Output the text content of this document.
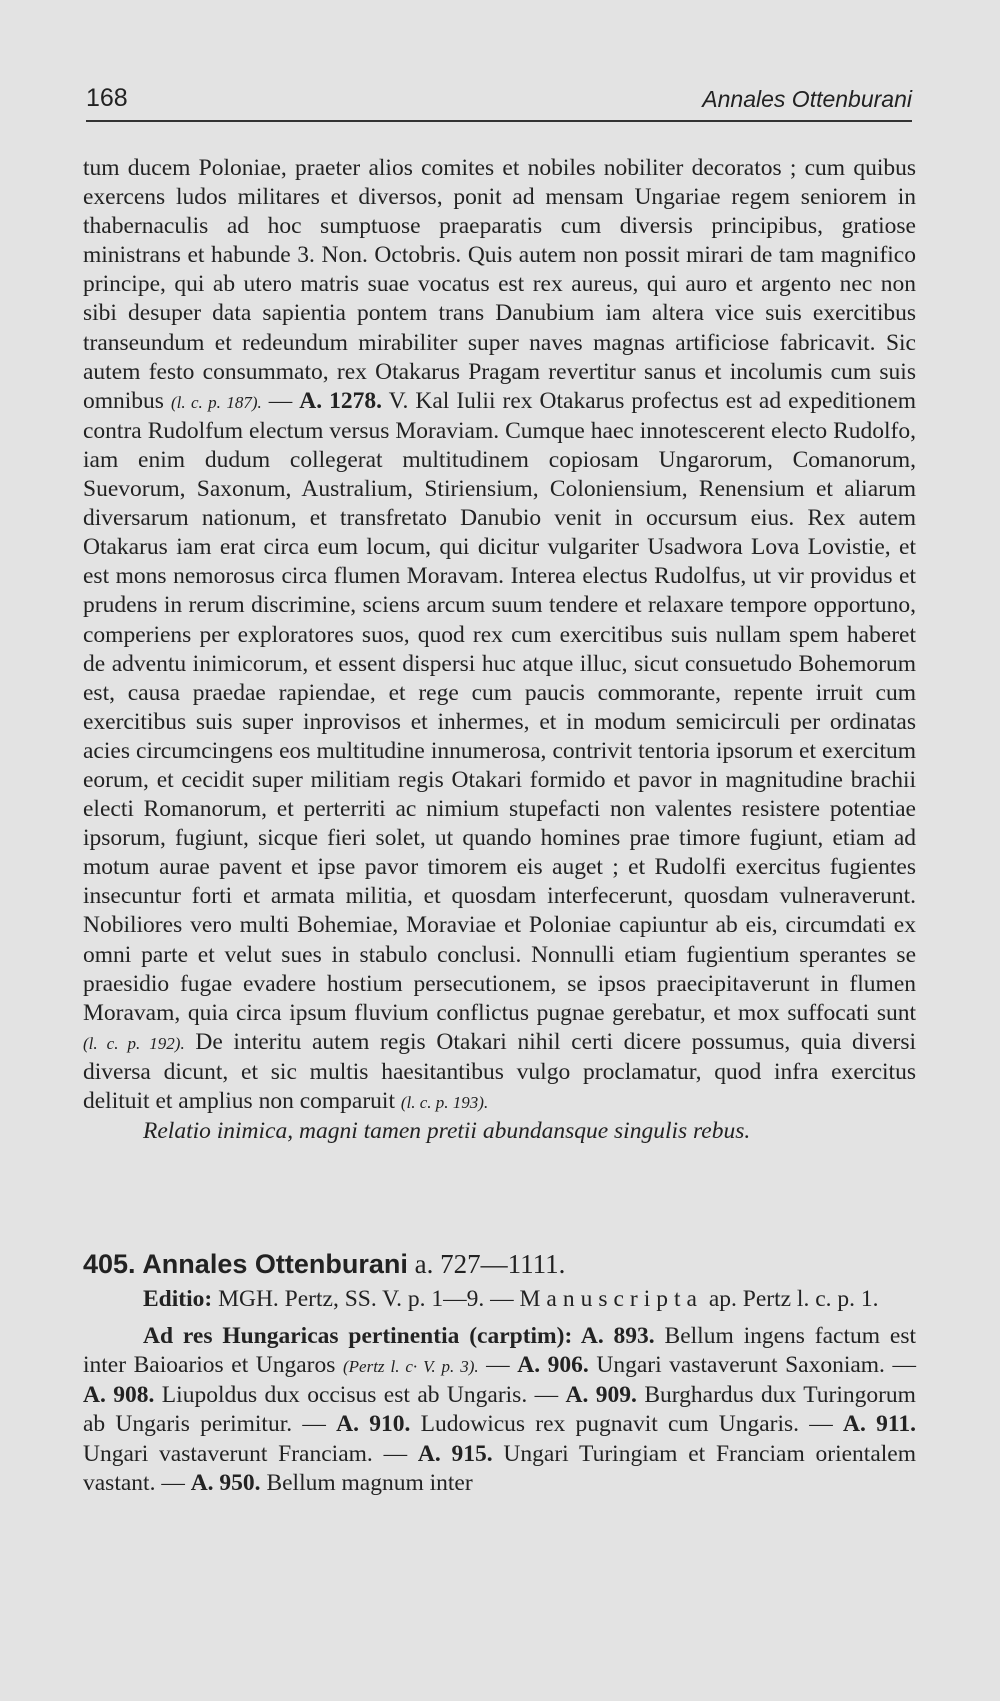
168	Annales Ottenburani

tum ducem Poloniae, praeter alios comites et nobiles nobiliter decoratos ; cum quibus exercens ludos militares et diversos, ponit ad mensam Ungariae regem seniorem in thabernaculis ad hoc sumptuose praeparatis cum diversis principibus, gratiose ministrans et habunde 3. Non. Octobris. Quis autem non possit mirari de tam magnifico principe, qui ab utero matris suae vocatus est rex aureus, qui auro et argento nec non sibi desuper data sapientia pontem trans Danubium iam altera vice suis exercitibus transeundum et redeundum mirabiliter super naves magnas artificiose fabricavit. Sic autem festo consummato, rex Otakarus Pragam revertitur sanus et incolumis cum suis omnibus (l. c. p. 187). — A. 1278. V. Kal Iulii rex Otakarus profectus est ad expeditionem contra Rudolfum electum versus Moraviam. Cumque haec innotescerent electo Rudolfo, iam enim dudum collegerat multitudinem copiosam Ungarorum, Comanorum, Suevorum, Saxonum, Australium, Stiriensium, Coloniensium, Renensium et aliarum diversarum nationum, et transfretato Danubio venit in occursum eius. Rex autem Otakarus iam erat circa eum locum, qui dicitur vulgariter Usadwora Lova Lovistie, et est mons nemorosus circa flumen Moravam. Interea electus Rudolfus, ut vir providus et prudens in rerum discrimine, sciens arcum suum tendere et relaxare tempore opportuno, comperiens per exploratores suos, quod rex cum exercitibus suis nullam spem haberet de adventu inimicorum, et essent dispersi huc atque illuc, sicut consuetudo Bohemorum est, causa praedae rapiendae, et rege cum paucis commorante, repente irruit cum exercitibus suis super inprovisos et inhermes, et in modum semicirculi per ordinatas acies circumcingens eos multitudine innumerosa, contrivit tentoria ipsorum et exercitum eorum, et cecidit super militiam regis Otakari formido et pavor in magnitudine brachii electi Romanorum, et perterriti ac nimium stupefacti non valentes resistere potentiae ipsorum, fugiunt, sicque fieri solet, ut quando homines prae timore fugiunt, etiam ad motum aurae pavent et ipse pavor timorem eis auget ; et Rudolfi exercitus fugientes insecuntur forti et armata militia, et quosdam interfecerunt, quosdam vulneraverunt. Nobiliores vero multi Bohemiae, Moraviae et Poloniae capiuntur ab eis, circumdati ex omni parte et velut sues in stabulo conclusi. Nonnulli etiam fugientium sperantes se praesidio fugae evadere hostium persecutionem, se ipsos praecipitaverunt in flumen Moravam, quia circa ipsum fluvium conflictus pugnae gerebatur, et mox suffocati sunt (l. c. p. 192). De interitu autem regis Otakari nihil certi dicere possumus, quia diversi diversa dicunt, et sic multis haesitantibus vulgo proclamatur, quod infra exercitus delituit et amplius non comparuit (l. c. p. 193).

Relatio inimica, magni tamen pretii abundansque singulis rebus.

405. Annales Ottenburani a. 727—1111.

Editio: MGH. Pertz, SS. V. p. 1—9. — Manuscripta ap. Pertz l. c. p. 1.

Ad res Hungaricas pertinentia (carptim): A. 893. Bellum ingens factum est inter Baioarios et Ungaros (Pertz l. c· V. p. 3). — A. 906. Ungari vastaverunt Saxoniam. — A. 908. Liupoldus dux occisus est ab Ungaris. — A. 909. Burghardus dux Turingorum ab Ungaris perimitur. — A. 910. Ludowicus rex pugnavit cum Ungaris. — A. 911. Ungari vastaverunt Franciam. — A. 915. Ungari Turingiam et Franciam orientalem vastant. — A. 950. Bellum magnum inter
